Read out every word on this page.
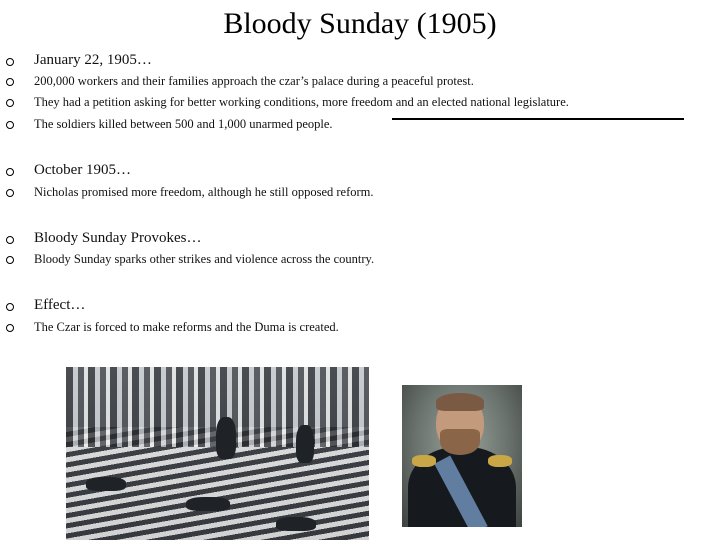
Bloody Sunday (1905)
January 22, 1905…
200,000 workers and their families approach the czar’s palace during a peaceful protest.
They had a petition asking for better working conditions, more freedom and an elected national legislature.
The soldiers killed between 500 and 1,000 unarmed people.
October 1905…
Nicholas promised more freedom, although he still opposed reform.
Bloody Sunday Provokes…
Bloody Sunday sparks other strikes and violence across the country.
Effect…
The Czar is forced to make reforms and the Duma is created.
